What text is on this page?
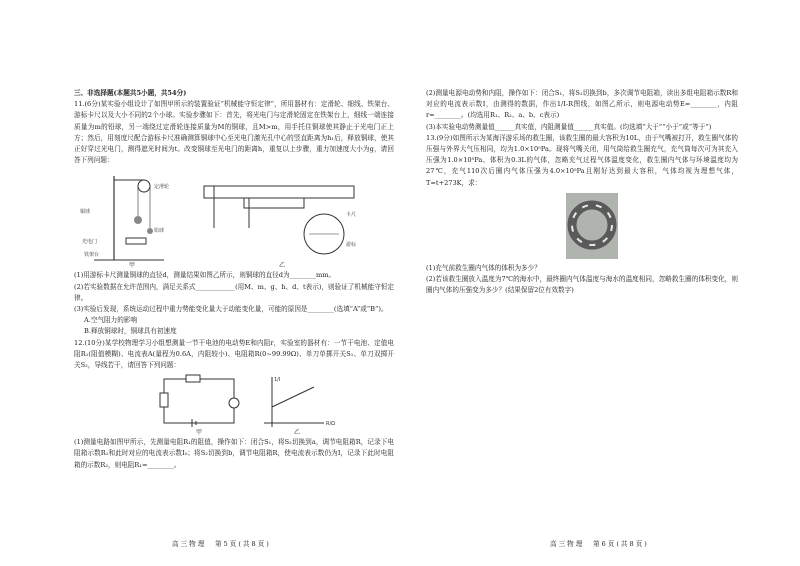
三、非选择题(本题共5小题，共54分)
11.(6分)某实验小组设计了如图甲所示的装置验证“机械能守恒定律”，所用器材有：定滑轮、细线、铁架台、游标卡尺以及大小不同的2个小球。实验步骤如下：首先，将光电门与定滑轮固定在铁架台上，细线一端连接质量为m的铅球，另一端绕过定滑轮连接质量为M的铜球，且M>m，用手托住铜球使其静止于光电门正上方；然后，用刻度尺配合游标卡尺准确测算铜球中心至光电门激光孔中心的竖直距离为h₁后，释放铜球，使其正好穿过光电门，测得遮光时间为t。改变铜球至光电门的距离h，重复以上步骤，重力加速度大小为g，请回答下列问题：
铜球
定滑轮
铅球
光电门
铁架台
卡尺
游标
甲	乙
(1)用游标卡尺测量铜球的直径d，测量结果如图乙所示，则铜球的直径d为________mm。
(2)若实验数据在允许范围内，满足关系式____________(用M、m、g、h、d、t表示)，则验证了机械能守恒定律。
(3)实验后发现，系统运动过程中重力势能变化量大于动能变化量，可能的原因是________(选填“A”或“B”)。
A.空气阻力的影响
B.释放铜球时，铜球具有初速度
12.(10分)某学校物理学习小组想测量一节干电池的电动势E和内阻r，实验室的器材有：一节干电池、定值电阻R₁(阻值模糊)、电流表A(量程为0.6A，内阻较小)、电阻箱R(0~99.99Ω)、单刀单掷开关S₁、单刀双掷开关S₂，导线若干，请回答下列问题：
1/I
R/Ω
甲	乙
(1)测量电路如图甲所示，先测量电阻R₁的阻值，操作如下：闭合S₁，将S₂切换到a，调节电阻箱R，记录下电阻箱示数R₁和此时对应的电流表示数I₀；将S₂切换到b，调节电阻箱R，使电流表示数仍为I，记录下此时电阻箱的示数R₂，则电阻R₁=________。
高三物理　第5页(共8页)
(2)测量电源电动势和内阻，操作如下：闭合S₁，将S₂切换到b，多次调节电阻箱，读出多组电阻箱示数R和对应的电流表示数I，由测得的数据，作出1/I-R图线，如图乙所示，则电源电动势E=________，内阻r=________。(均选用R₁、R₂、a、b、c表示)
(3)本实验电动势测量值______真实值，内阻测量值______真实值。(均选填“大于”“小于”或“等于”)
13.(9分)如图所示为某海洋游乐场的救生圈，该救生圈的最大容积为10L，由于气嘴被打开，救生圈气体的压强与外界大气压相同，均为1.0×10⁵Pa。现将气嘴关闭，用气筒给救生圈充气，充气筒每次可为其充入压强为1.0×10⁵Pa、体积为0.3L的气体，忽略充气过程气体温度变化，救生圈内气体与环境温度均为27℃，充气110次后圈内气体压强为4.0×10⁵Pa且刚好达到最大容积，气体均视为理想气体，T=t+273K，求：
(1)充气前救生圈内气体的体积为多少？
(2)若该救生圈放入温度为7℃的海水中，最终圈内气体温度与海水的温度相同，忽略救生圈的体积变化，则圈内气体的压强变为多少？(结果保留2位有效数字)
高三物理　第6页(共8页)
